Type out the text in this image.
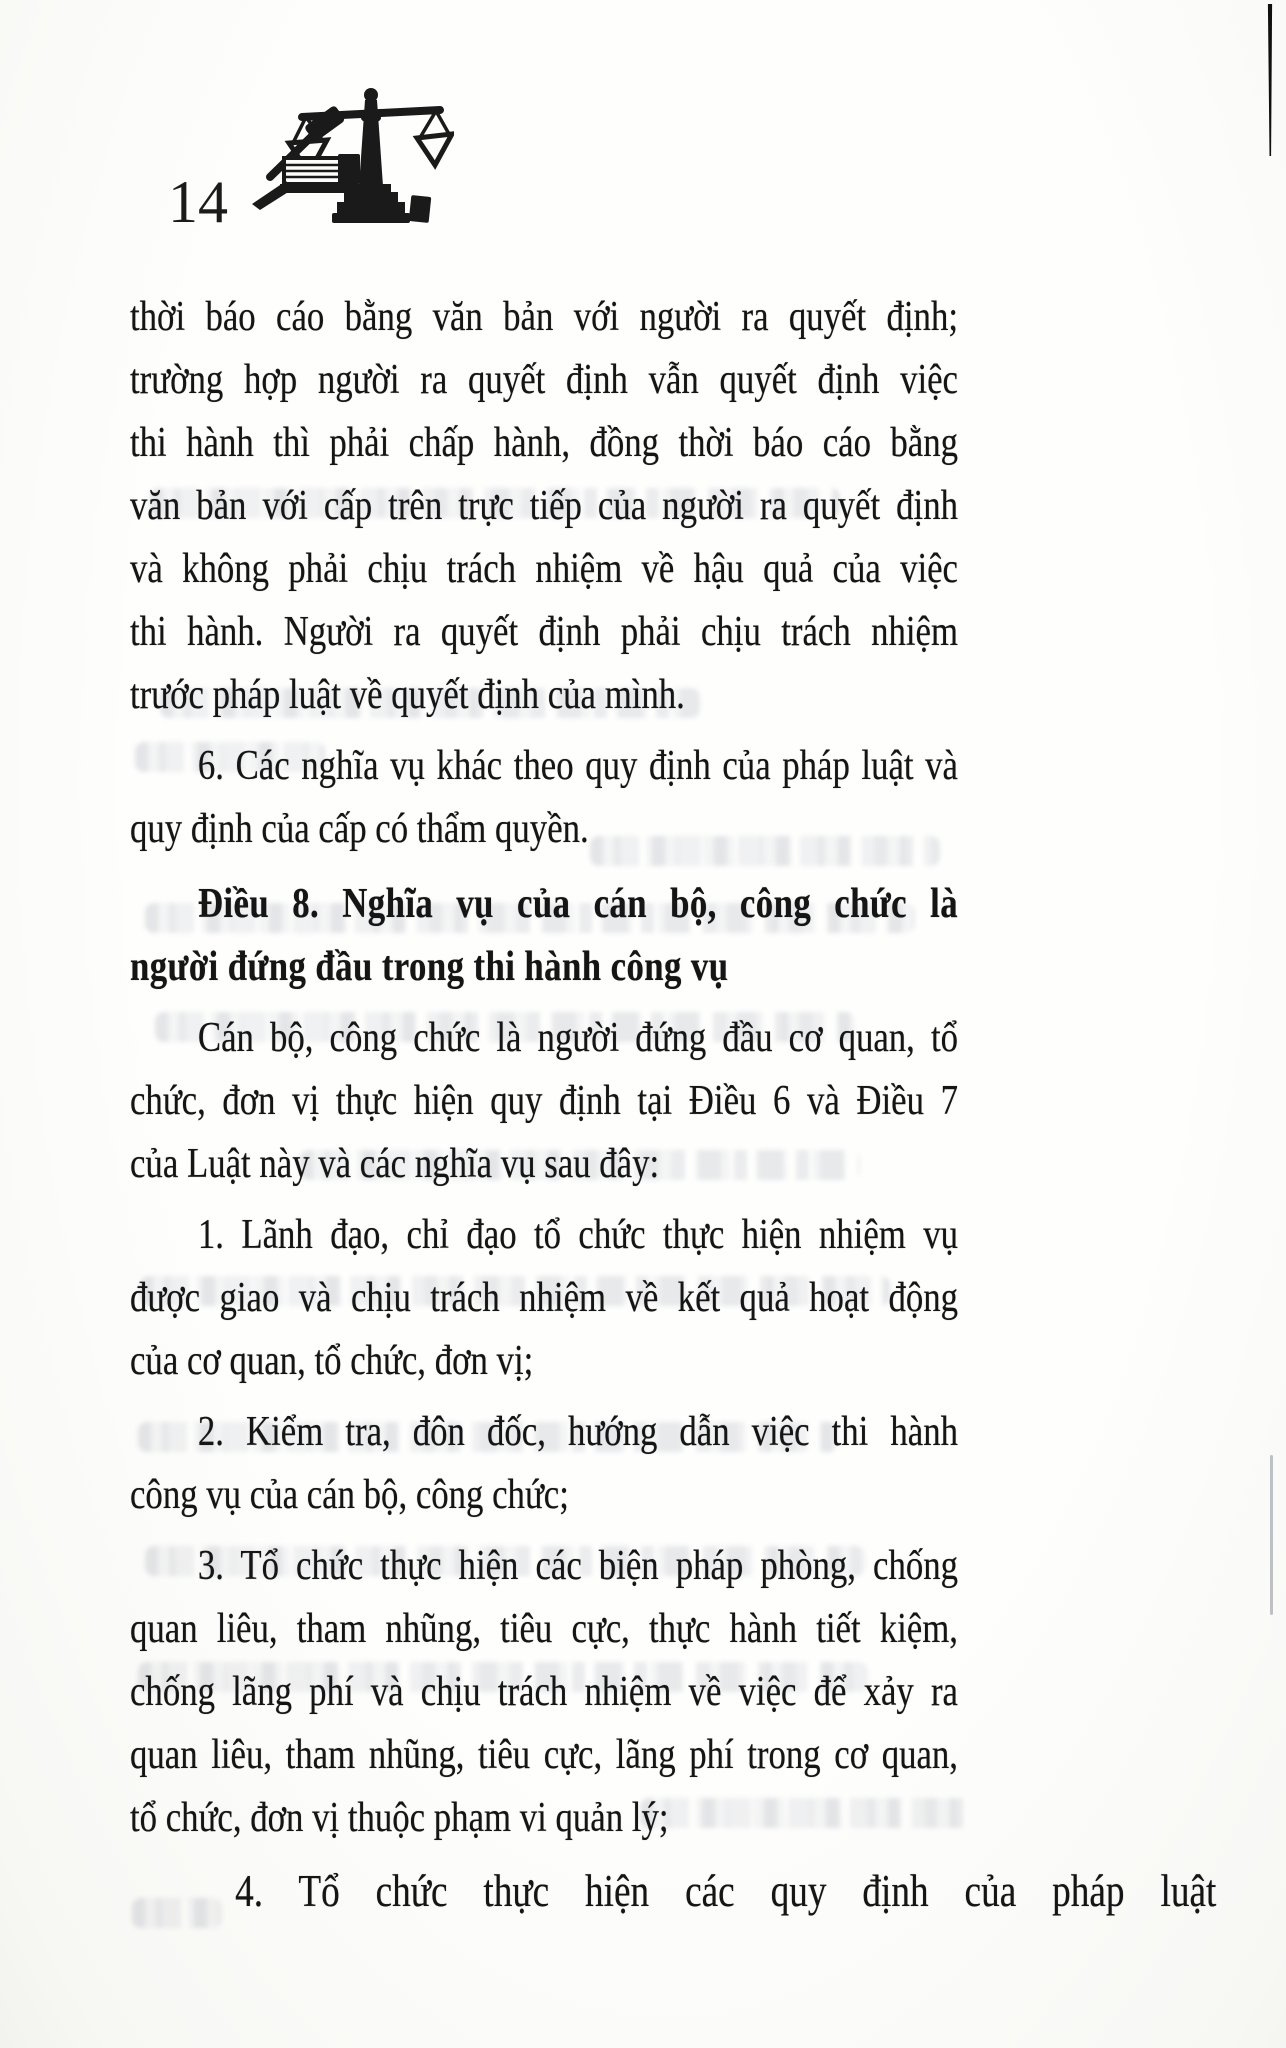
14
thời báo cáo bằng văn bản với người ra quyết định;
trường hợp người ra quyết định vẫn quyết định việc
thi hành thì phải chấp hành, đồng thời báo cáo bằng
văn bản với cấp trên trực tiếp của người ra quyết định
và không phải chịu trách nhiệm về hậu quả của việc
thi hành. Người ra quyết định phải chịu trách nhiệm
trước pháp luật về quyết định của mình.
6. Các nghĩa vụ khác theo quy định của pháp luật và
quy định của cấp có thẩm quyền.
Điều 8. Nghĩa vụ của cán bộ, công chức là
người đứng đầu trong thi hành công vụ
Cán bộ, công chức là người đứng đầu cơ quan, tổ
chức, đơn vị thực hiện quy định tại Điều 6 và Điều 7
của Luật này và các nghĩa vụ sau đây:
1. Lãnh đạo, chỉ đạo tổ chức thực hiện nhiệm vụ
được giao và chịu trách nhiệm về kết quả hoạt động
của cơ quan, tổ chức, đơn vị;
2. Kiểm tra, đôn đốc, hướng dẫn việc thi hành
công vụ của cán bộ, công chức;
3. Tổ chức thực hiện các biện pháp phòng, chống
quan liêu, tham nhũng, tiêu cực, thực hành tiết kiệm,
chống lãng phí và chịu trách nhiệm về việc để xảy ra
quan liêu, tham nhũng, tiêu cực, lãng phí trong cơ quan,
tổ chức, đơn vị thuộc phạm vi quản lý;
4. Tổ chức thực hiện các quy định của pháp luật
